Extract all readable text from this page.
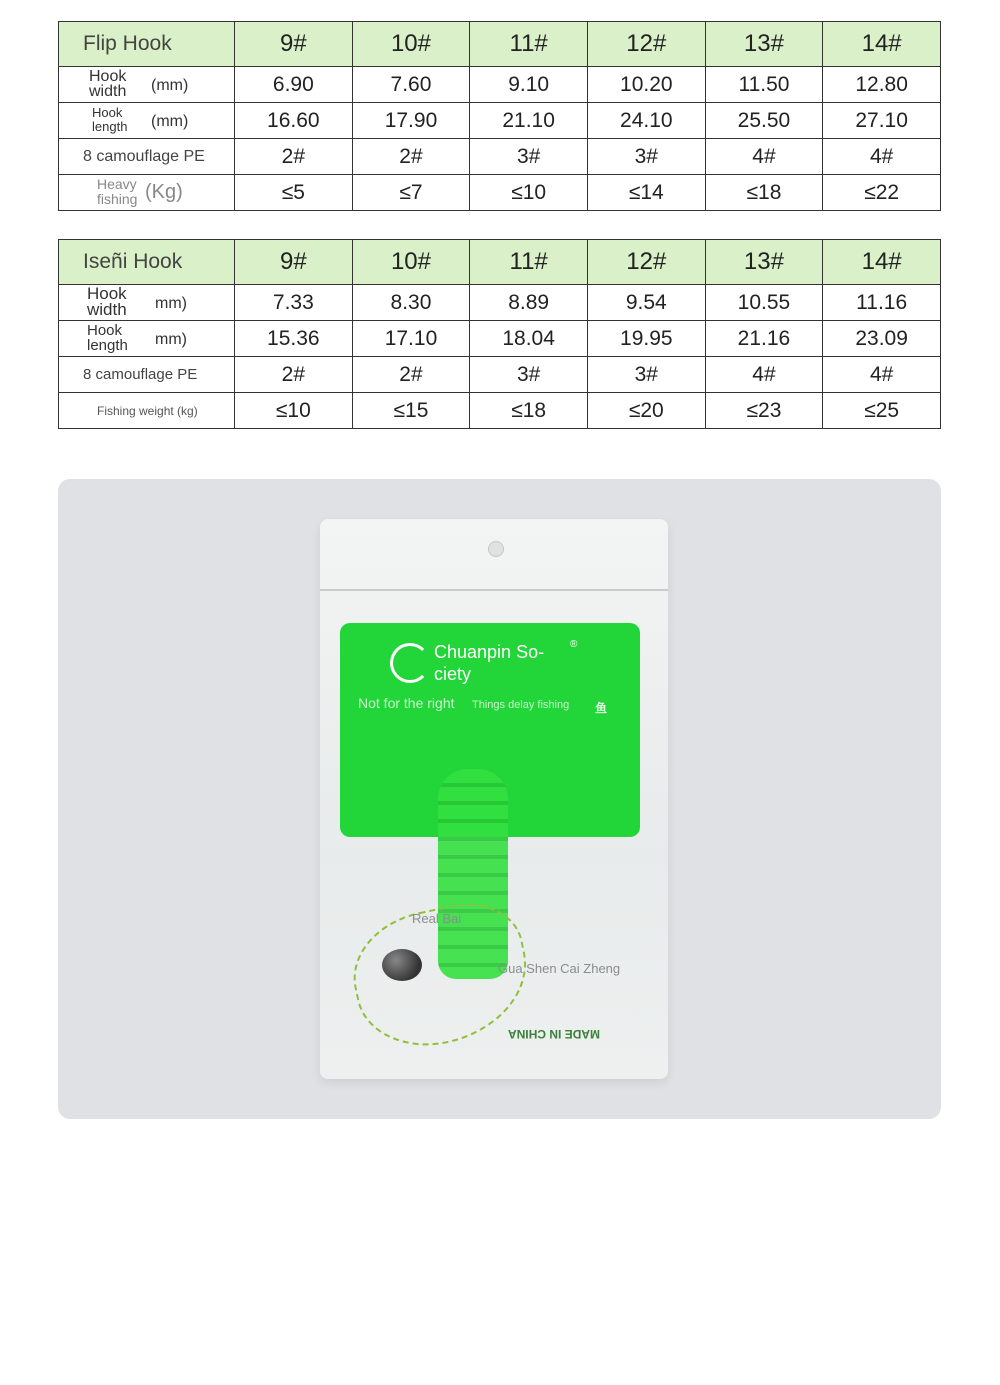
Flip Hook	9#	10#	11#	12#	13#	14#

Hook
width (mm)	6.90	7.60	9.10	10.20	11.50	12.80

Hook
length (mm)	16.60	17.90	21.10	24.10	25.50	27.10

8 camouflage PE	2#	2#	3#	3#	4#	4#

Heavy
fishing (Kg)	≤5	≤7	≤10	≤14	≤18	≤22
Iseñi Hook	9#	10#	11#	12#	13#	14#

Hook
width mm)	7.33	8.30	8.89	9.54	10.55	11.16

Hook
length mm)	15.36	17.10	18.04	19.95	21.16	23.09

8 camouflage PE	2#	2#	3#	3#	4#	4#

Fishing weight (kg)	≤10	≤15	≤18	≤20	≤23	≤25
Chuanpin So- ciety
®
Not for the right Things delay fishing 鱼
Real Bai
Gua Shen Cai Zheng
MADE IN CHINA
